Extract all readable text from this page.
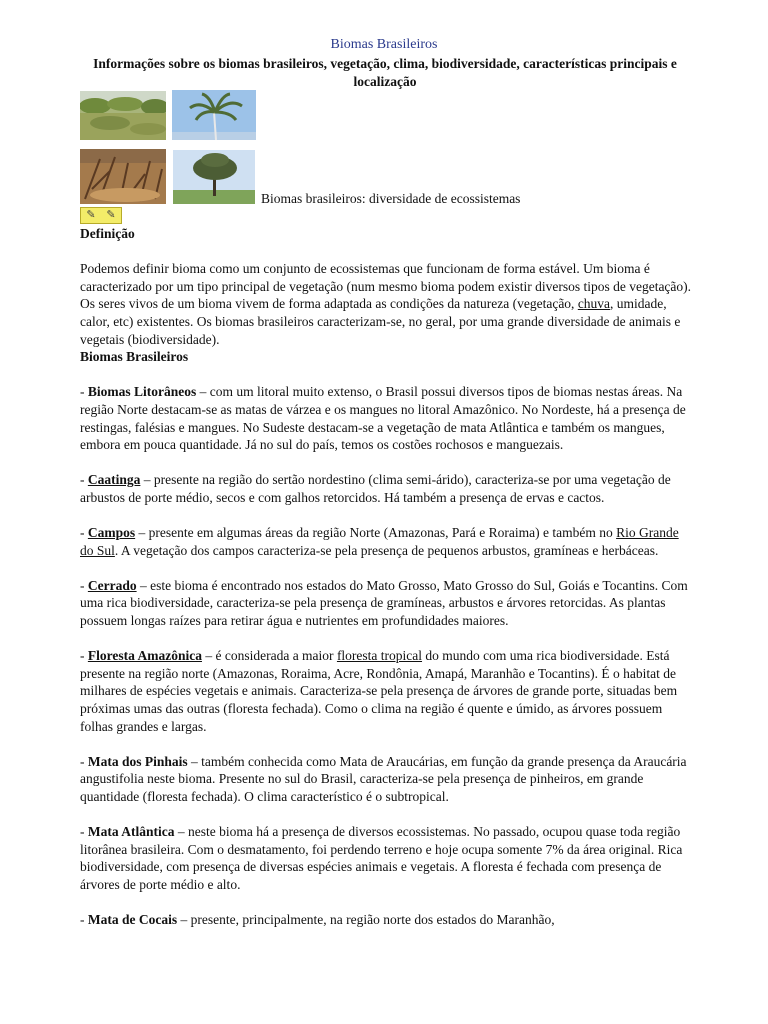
Biomas Brasileiros
Informações sobre os biomas brasileiros, vegetação, clima, biodiversidade, características principais e localização
Biomas brasileiros: diversidade de ecossistemas
✎ ✎

Definição

Podemos definir bioma como um conjunto de ecossistemas que funcionam de forma estável. Um bioma é caracterizado por um tipo principal de vegetação (num mesmo bioma podem existir diversos tipos de vegetação). Os seres vivos de um bioma vivem de forma adaptada as condições da natureza (vegetação, chuva, umidade, calor, etc) existentes. Os biomas brasileiros caracterizam-se, no geral, por uma grande diversidade de animais e vegetais (biodiversidade).

Biomas Brasileiros

- Biomas Litorâneos – com um litoral muito extenso, o Brasil possui diversos tipos de biomas nestas áreas. Na região Norte destacam-se as matas de várzea e os mangues no litoral Amazônico. No Nordeste, há a presença de restingas, falésias e mangues. No Sudeste destacam-se a vegetação de mata Atlântica e também os mangues, embora em pouca quantidade. Já no sul do país, temos os costões rochosos e manguezais.

- Caatinga – presente na região do sertão nordestino (clima semi-árido), caracteriza-se por uma vegetação de arbustos de porte médio, secos e com galhos retorcidos. Há também a presença de ervas e cactos.

- Campos – presente em algumas áreas da região Norte (Amazonas, Pará e Roraima) e também no Rio Grande do Sul. A vegetação dos campos caracteriza-se pela presença de pequenos arbustos, gramíneas e herbáceas.

- Cerrado – este bioma é encontrado nos estados do Mato Grosso, Mato Grosso do Sul, Goiás e Tocantins. Com uma rica biodiversidade, caracteriza-se pela presença de gramíneas, arbustos e árvores retorcidas. As plantas possuem longas raízes para retirar água e nutrientes em profundidades maiores.

- Floresta Amazônica – é considerada a maior floresta tropical do mundo com uma rica biodiversidade. Está presente na região norte (Amazonas, Roraima, Acre, Rondônia, Amapá, Maranhão e Tocantins). É o habitat de milhares de espécies vegetais e animais. Caracteriza-se pela presença de árvores de grande porte, situadas bem próximas umas das outras (floresta fechada). Como o clima na região é quente e úmido, as árvores possuem folhas grandes e largas.

- Mata dos Pinhais – também conhecida como Mata de Araucárias, em função da grande presença da Araucária angustifolia neste bioma. Presente no sul do Brasil, caracteriza-se pela presença de pinheiros, em grande quantidade (floresta fechada). O clima característico é o subtropical.

- Mata Atlântica – neste bioma há a presença de diversos ecossistemas. No passado, ocupou quase toda região litorânea brasileira. Com o desmatamento, foi perdendo terreno e hoje ocupa somente 7% da área original. Rica biodiversidade, com presença de diversas espécies animais e vegetais. A floresta é fechada com presença de árvores de porte médio e alto.

- Mata de Cocais – presente, principalmente, na região norte dos estados do Maranhão,
